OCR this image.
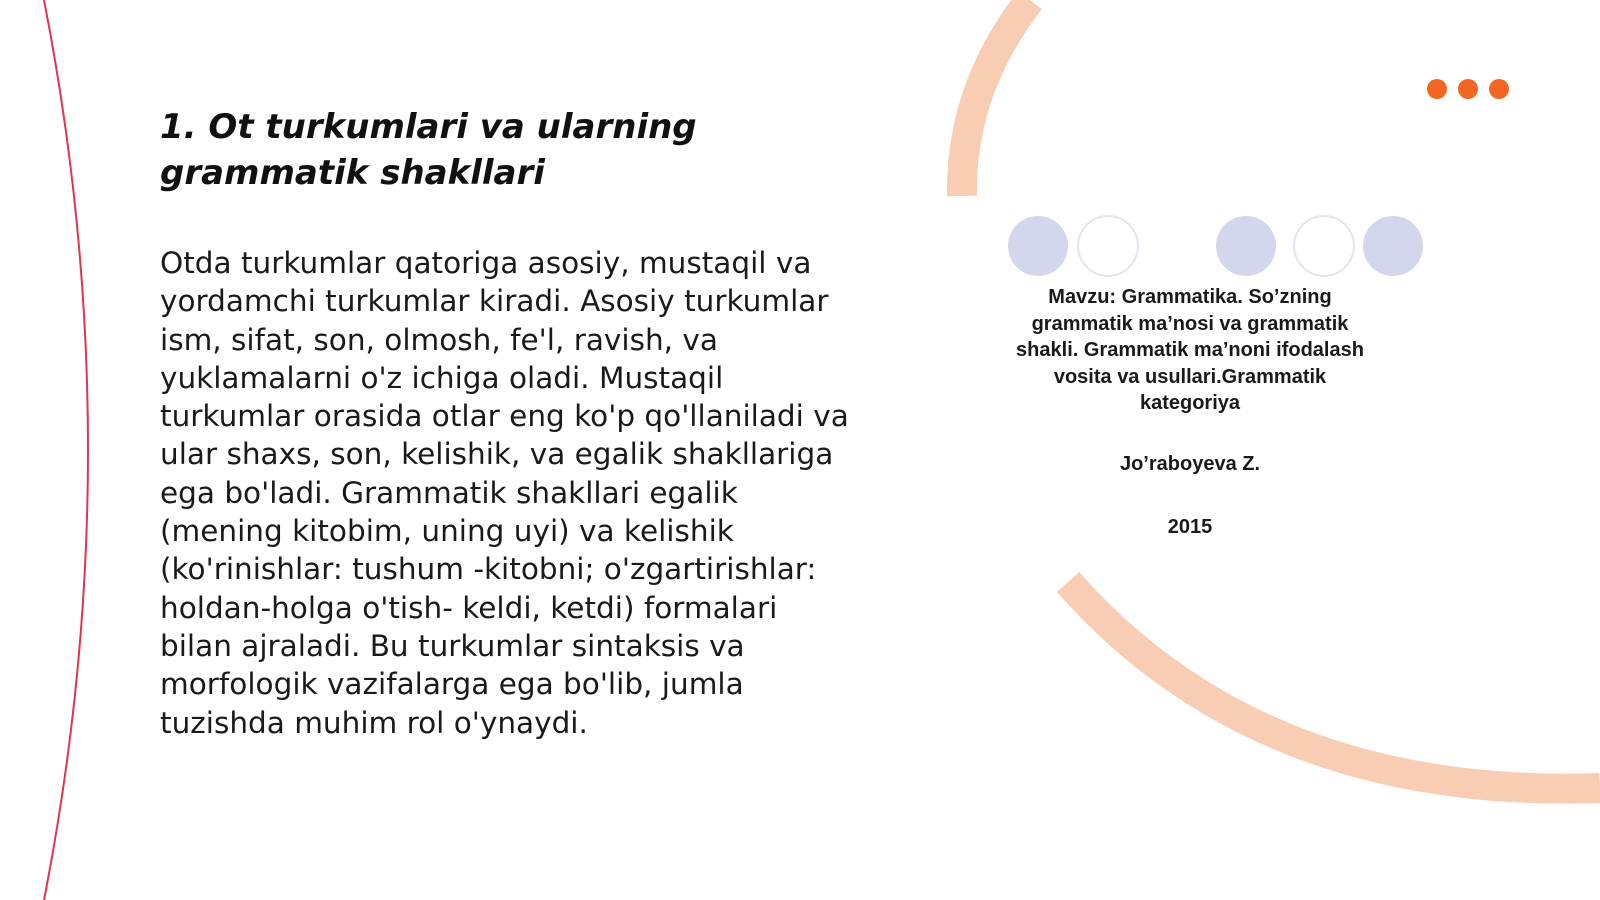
1. Ot turkumlari va ularning grammatik shakllari

Otda turkumlar qatoriga asosiy, mustaqil va yordamchi turkumlar kiradi. Asosiy turkumlar ism, sifat, son, olmosh, fe'l, ravish, va yuklamalarni o'z ichiga oladi. Mustaqil turkumlar orasida otlar eng ko'p qo'llaniladi va ular shaxs, son, kelishik, va egalik shakllariga ega bo'ladi. Grammatik shakllari egalik (mening kitobim, uning uyi) va kelishik (ko'rinishlar: tushum -kitobni; o'zgartirishlar: holdan-holga o'tish- keldi, ketdi) formalari bilan ajraladi. Bu turkumlar sintaksis va morfologik vazifalarga ega bo'lib, jumla tuzishda muhim rol o'ynaydi.

Mavzu: Grammatika. So’zning grammatik ma’nosi va grammatik shakli. Grammatik ma’noni ifodalash vosita va usullari.Grammatik kategoriya

Jo’raboyeva Z.

2015
